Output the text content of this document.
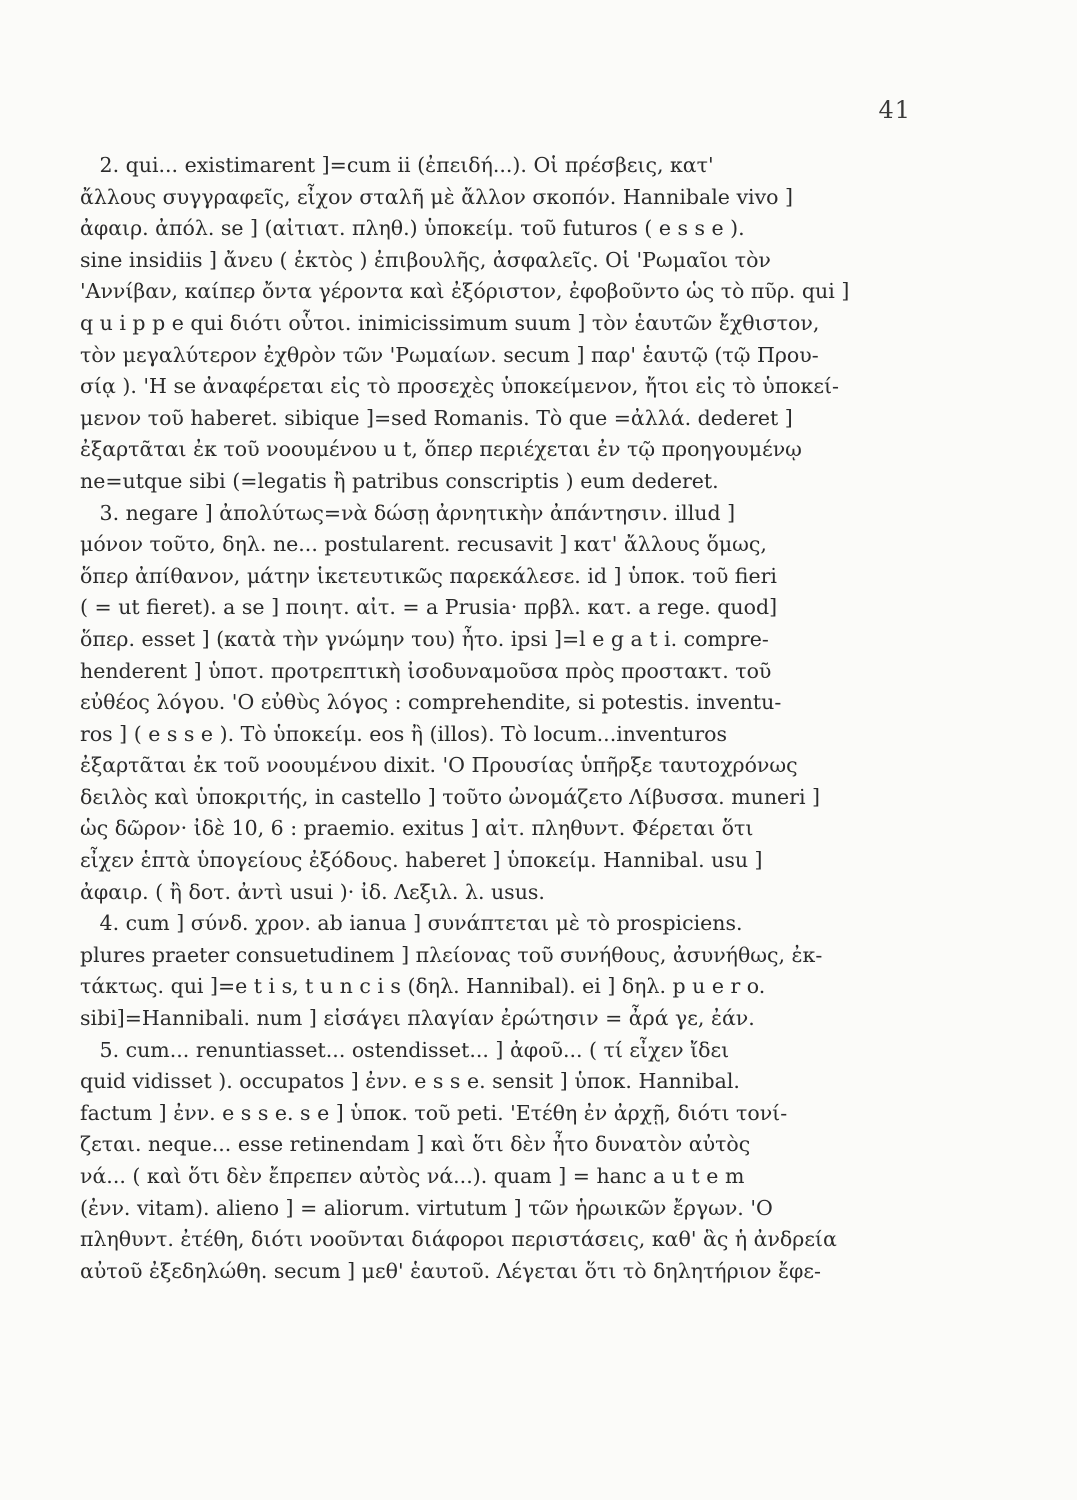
41
2. qui... existimarent ]=cum ii (ἐπειδή...). Οἱ πρέσβεις, κατ'
ἄλλους συγγραφεῖς, εἶχον σταλῆ μὲ ἄλλον σκοπόν. Hannibale vivo ]
ἀφαιρ. ἀπόλ. se ] (αἰτιατ. πληθ.) ὑποκείμ. τοῦ futuros ( e s s e ).
sine insidiis ] ἄνευ ( ἐκτὸς ) ἐπιβουλῆς, ἀσφαλεῖς. Οἱ 'Ρωμαῖοι τὸν
'Αννίβαν, καίπερ ὄντα γέροντα καὶ ἐξόριστον, ἐφοβοῦντο ὡς τὸ πῦρ. qui ]
q u i p p e qui διότι οὗτοι. inimicissimum suum ] τὸν ἑαυτῶν ἔχθιστον,
τὸν μεγαλύτερον ἐχθρὸν τῶν 'Ρωμαίων. secum ] παρ' ἑαυτῷ (τῷ Πρου-
σίᾳ ). 'Η se ἀναφέρεται εἰς τὸ προσεχὲς ὑποκείμενον, ἤτοι εἰς τὸ ὑποκεί-
μενον τοῦ haberet. sibique ]=sed Romanis. Τὸ que =ἀλλά. dederet ]
ἐξαρτᾶται ἐκ τοῦ νοουμένου u t, ὅπερ περιέχεται ἐν τῷ προηγουμένῳ
ne=utque sibi (=legatis ἢ patribus conscriptis ) eum dederet.
3. negare ] ἀπολύτως=νὰ δώσῃ ἀρνητικὴν ἀπάντησιν. illud ]
μόνον τοῦτο, δηλ. ne... postularent. recusavit ] κατ' ἄλλους ὅμως,
ὅπερ ἀπίθανον, μάτην ἱκετευτικῶς παρεκάλεσε. id ] ὑποκ. τοῦ fieri
( = ut fieret). a se ] ποιητ. αἰτ. = a Prusia· πρβλ. κατ. a rege. quod]
ὅπερ. esset ] (κατὰ τὴν γνώμην του) ἦτο. ipsi ]=l e g a t i. compre-
henderent ] ὑποτ. προτρεπτικὴ ἰσοδυναμοῦσα πρὸς προστακτ. τοῦ
εὐθέος λόγου. 'Ο εὐθὺς λόγος : comprehendite, si potestis. inventu-
ros ] ( e s s e ). Τὸ ὑποκείμ. eos ἢ (illos). Τὸ locum...inventuros
ἐξαρτᾶται ἐκ τοῦ νοουμένου dixit. 'Ο Προυσίας ὑπῆρξε ταυτοχρόνως
δειλὸς καὶ ὑποκριτής, in castello ] τοῦτο ὠνομάζετο Λίβυσσα. muneri ]
ὡς δῶρον· ἰδὲ 10, 6 : praemio. exitus ] αἰτ. πληθυντ. Φέρεται ὅτι
εἶχεν ἑπτὰ ὑπογείους ἐξόδους. haberet ] ὑποκείμ. Hannibal. usu ]
ἀφαιρ. ( ἢ δοτ. ἀντὶ usui )· ἰδ. Λεξιλ. λ. usus.
4. cum ] σύνδ. χρον. ab ianua ] συνάπτεται μὲ τὸ prospiciens.
plures praeter consuetudinem ] πλείονας τοῦ συνήθους, ἀσυνήθως, ἐκ-
τάκτως. qui ]=e t i s, t u n c i s (δηλ. Hannibal). ei ] δηλ. p u e r o.
sibi]=Hannibali. num ] εἰσάγει πλαγίαν ἐρώτησιν = ἆρά γε, ἐάν.
5. cum... renuntiasset... ostendisset... ] ἀφοῦ... ( τί εἶχεν ἴδει
quid vidisset ). occupatos ] ἐνν. e s s e. sensit ] ὑποκ. Hannibal.
factum ] ἐνν. e s s e. s e ] ὑποκ. τοῦ peti. 'Ετέθη ἐν ἀρχῇ, διότι τονί-
ζεται. neque... esse retinendam ] καὶ ὅτι δὲν ἦτο δυνατὸν αὐτὸς
νά... ( καὶ ὅτι δὲν ἔπρεπεν αὐτὸς νά...). quam ] = hanc a u t e m
(ἐνν. vitam). alieno ] = aliorum. virtutum ] τῶν ἡρωικῶν ἔργων. 'Ο
πληθυντ. ἐτέθη, διότι νοοῦνται διάφοροι περιστάσεις, καθ' ἃς ἡ ἀνδρεία
αὐτοῦ ἐξεδηλώθη. secum ] μεθ' ἑαυτοῦ. Λέγεται ὅτι τὸ δηλητήριον ἔφε-
